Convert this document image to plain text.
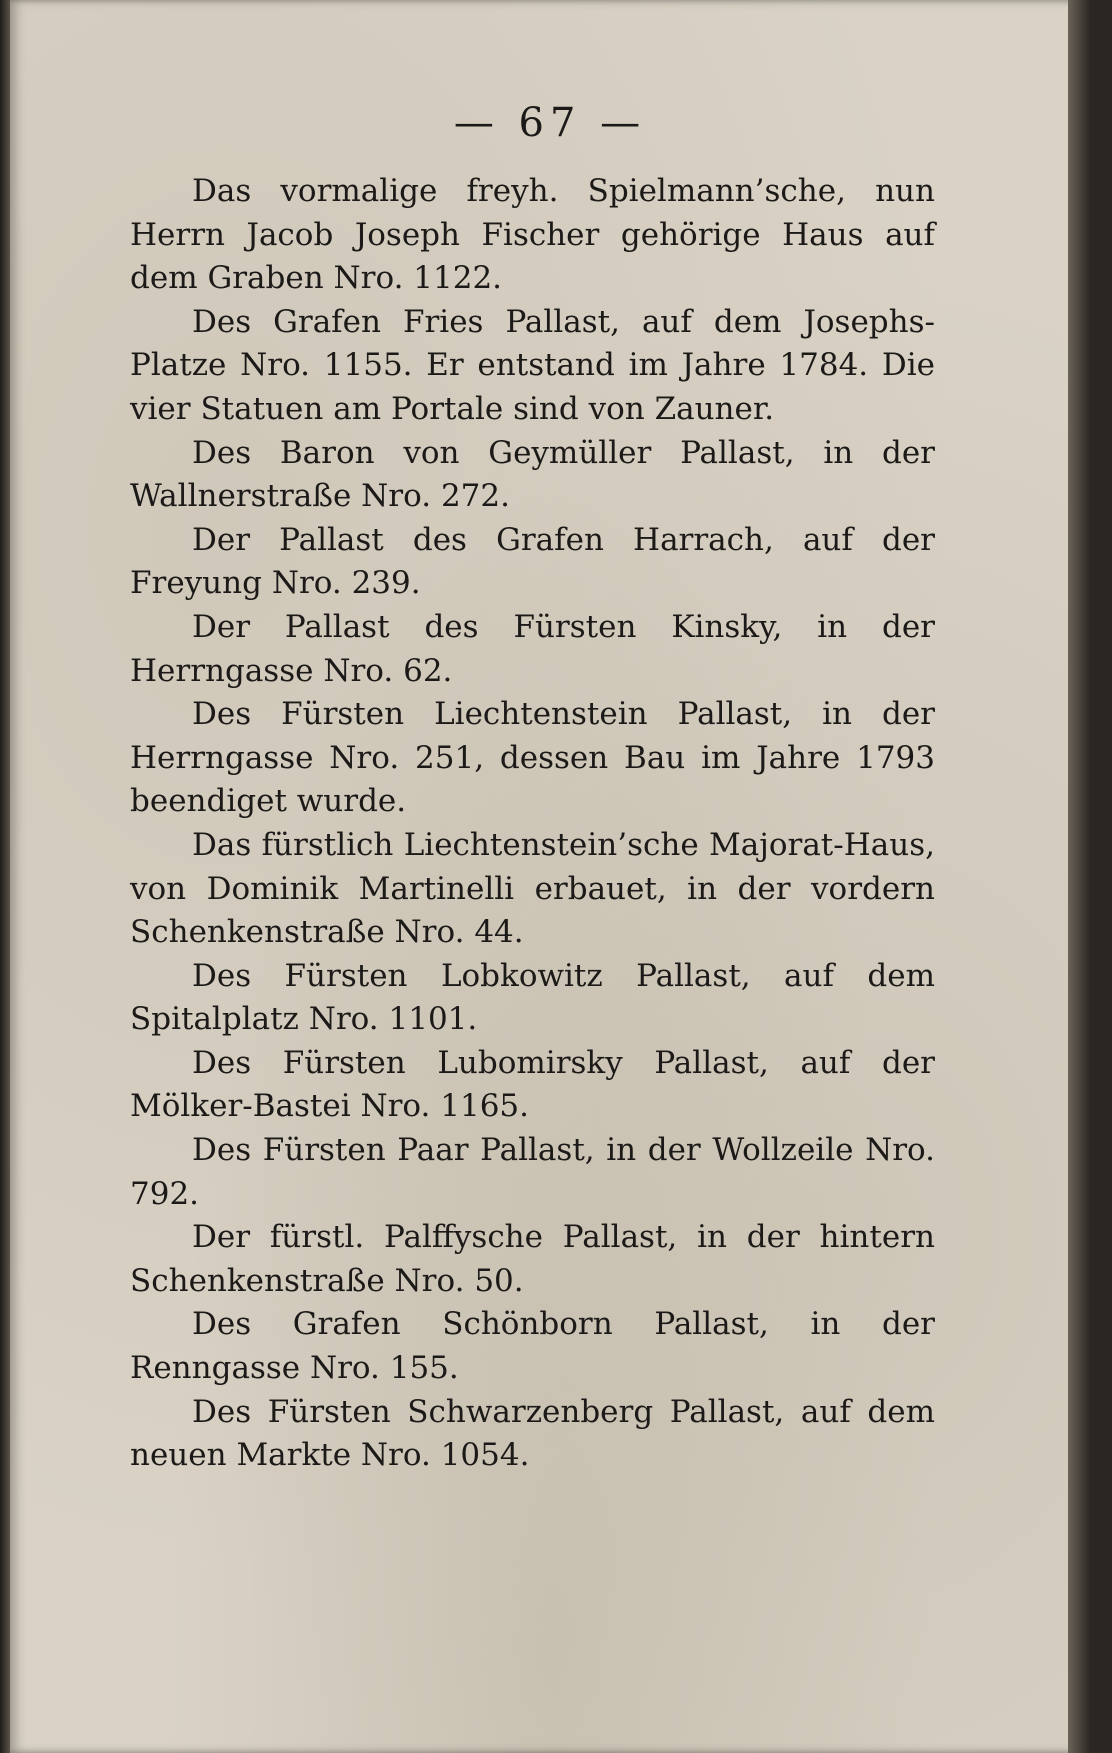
— 67 —

Das vormalige freyh. Spielmann’sche, nun Herrn Jacob Joseph Fischer gehörige Haus auf dem Graben Nro. 1122.

Des Grafen Fries Pallast, auf dem Josephs-Platze Nro. 1155. Er entstand im Jahre 1784. Die vier Statuen am Portale sind von Zauner.

Des Baron von Geymüller Pallast, in der Wallnerstraße Nro. 272.

Der Pallast des Grafen Harrach, auf der Freyung Nro. 239.

Der Pallast des Fürsten Kinsky, in der Herrngasse Nro. 62.

Des Fürsten Liechtenstein Pallast, in der Herrngasse Nro. 251, dessen Bau im Jahre 1793 beendiget wurde.

Das fürstlich Liechtenstein’sche Majorat-Haus, von Dominik Martinelli erbauet, in der vordern Schenkenstraße Nro. 44.

Des Fürsten Lobkowitz Pallast, auf dem Spitalplatz Nro. 1101.

Des Fürsten Lubomirsky Pallast, auf der Mölker-Bastei Nro. 1165.

Des Fürsten Paar Pallast, in der Wollzeile Nro. 792.

Der fürstl. Palffysche Pallast, in der hintern Schenkenstraße Nro. 50.

Des Grafen Schönborn Pallast, in der Renngasse Nro. 155.

Des Fürsten Schwarzenberg Pallast, auf dem neuen Markte Nro. 1054.
